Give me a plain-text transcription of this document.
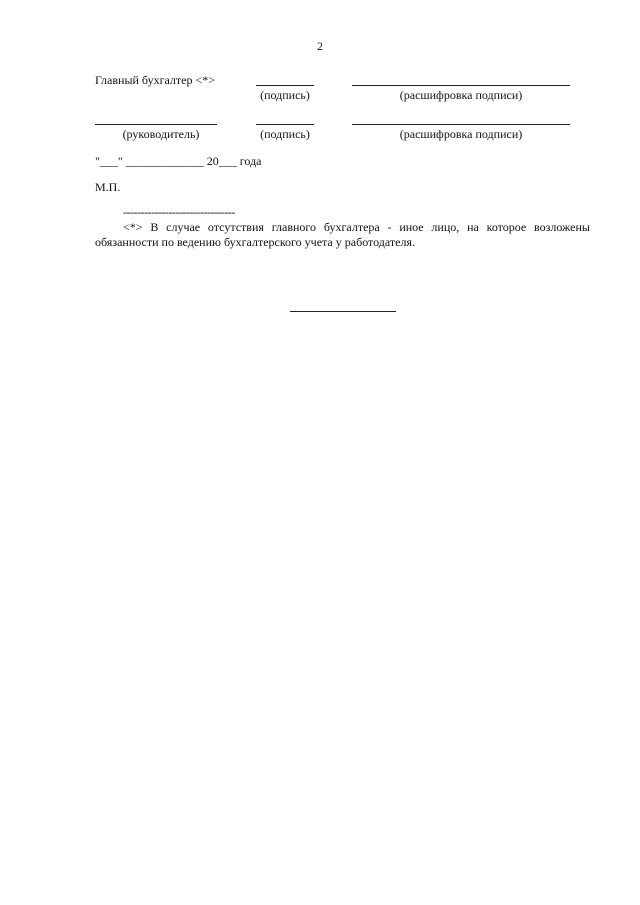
2
Главный бухгалтер <*>
(подпись)	(расшифровка подписи)
(руководитель)	(подпись)	(расшифровка подписи)
"___" _____________ 20___ года
М.П.
--------------------------------
<*> В случае отсутствия главного бухгалтера - иное лицо, на которое возложены обязанности по ведению бухгалтерского учета у работодателя.
